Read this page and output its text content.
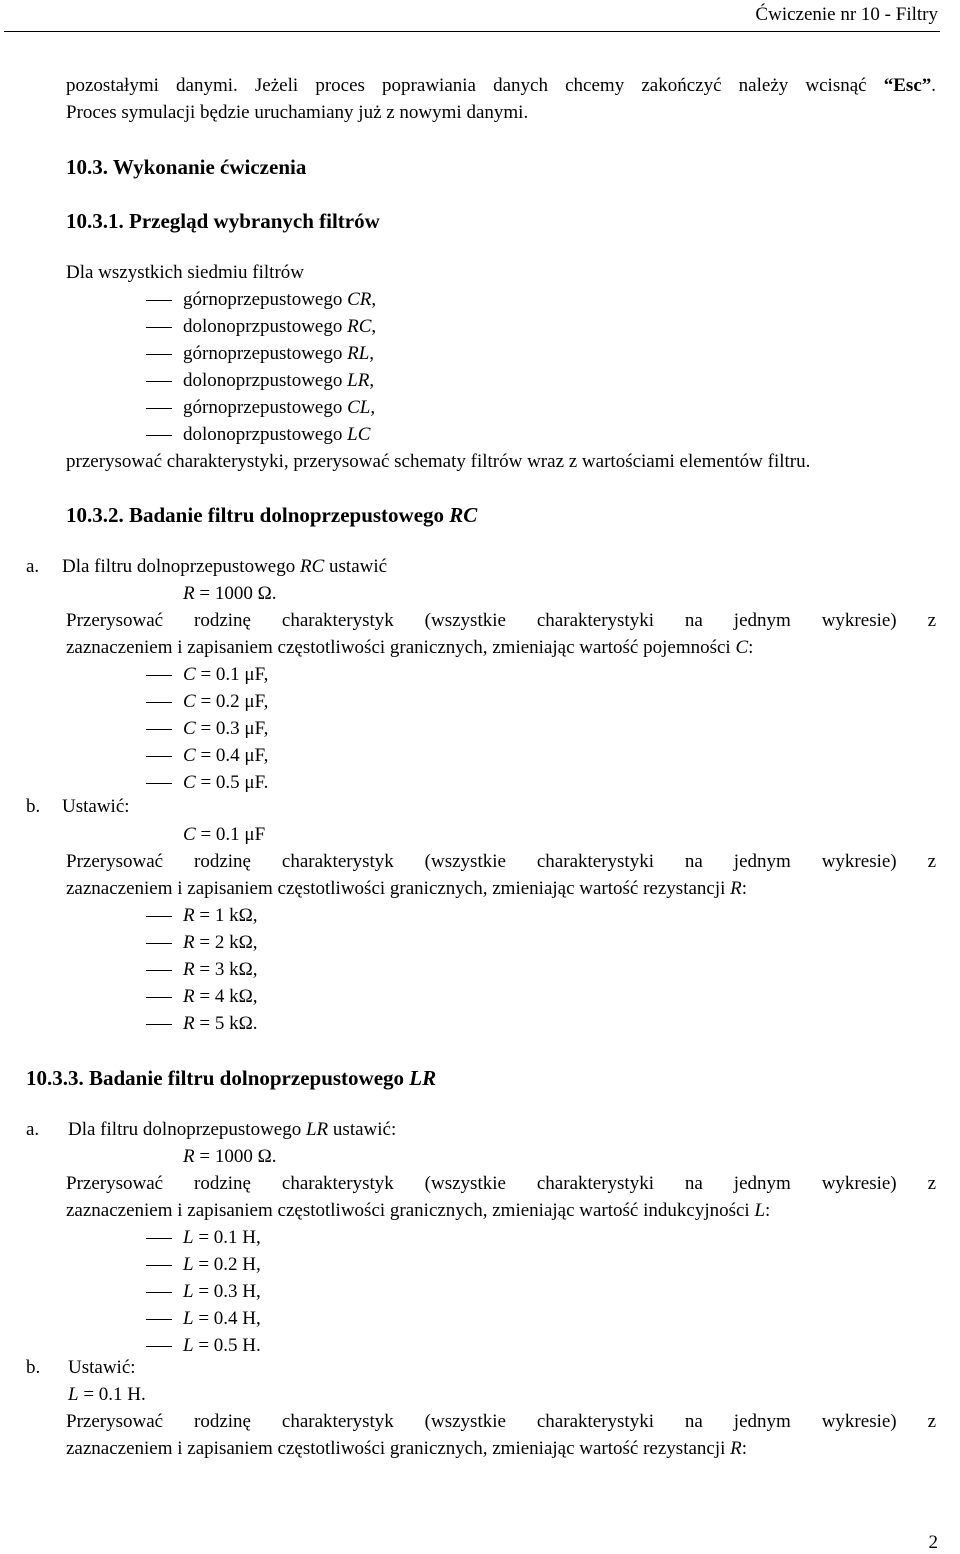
Ćwiczenie nr 10 - Filtry
pozostałymi danymi. Jeżeli proces poprawiania danych chcemy zakończyć należy wcisnąć “Esc”.
Proces symulacji będzie uruchamiany już z nowymi danymi.
10.3. Wykonanie ćwiczenia
10.3.1. Przegląd wybranych filtrów
Dla wszystkich siedmiu filtrów
górnoprzepustowego CR,
dolonoprzpustowego RC,
górnoprzepustowego RL,
dolonoprzpustowego LR,
górnoprzepustowego CL,
dolonoprzpustowego LC
przerysować charakterystyki, przerysować schematy filtrów wraz z wartościami elementów filtru.
10.3.2. Badanie filtru dolnoprzepustowego RC
a. Dla filtru dolnoprzepustowego RC ustawić
R = 1000 Ω.
Przerysować rodzinę charakterystyk (wszystkie charakterystyki na jednym wykresie) z
zaznaczeniem i zapisaniem częstotliwości granicznych, zmieniając wartość pojemności C:
C = 0.1 μF,
C = 0.2 μF,
C = 0.3 μF,
C = 0.4 μF,
C = 0.5 μF.
b. Ustawić:
C = 0.1 μF
Przerysować rodzinę charakterystyk (wszystkie charakterystyki na jednym wykresie) z
zaznaczeniem i zapisaniem częstotliwości granicznych, zmieniając wartość rezystancji R:
R = 1 kΩ,
R = 2 kΩ,
R = 3 kΩ,
R = 4 kΩ,
R = 5 kΩ.
10.3.3. Badanie filtru dolnoprzepustowego LR
a. Dla filtru dolnoprzepustowego LR ustawić:
R = 1000 Ω.
Przerysować rodzinę charakterystyk (wszystkie charakterystyki na jednym wykresie) z
zaznaczeniem i zapisaniem częstotliwości granicznych, zmieniając wartość indukcyjności L:
L = 0.1 H,
L = 0.2 H,
L = 0.3 H,
L = 0.4 H,
L = 0.5 H.
b. Ustawić:
L = 0.1 H.
Przerysować rodzinę charakterystyk (wszystkie charakterystyki na jednym wykresie) z
zaznaczeniem i zapisaniem częstotliwości granicznych, zmieniając wartość rezystancji R:
2
